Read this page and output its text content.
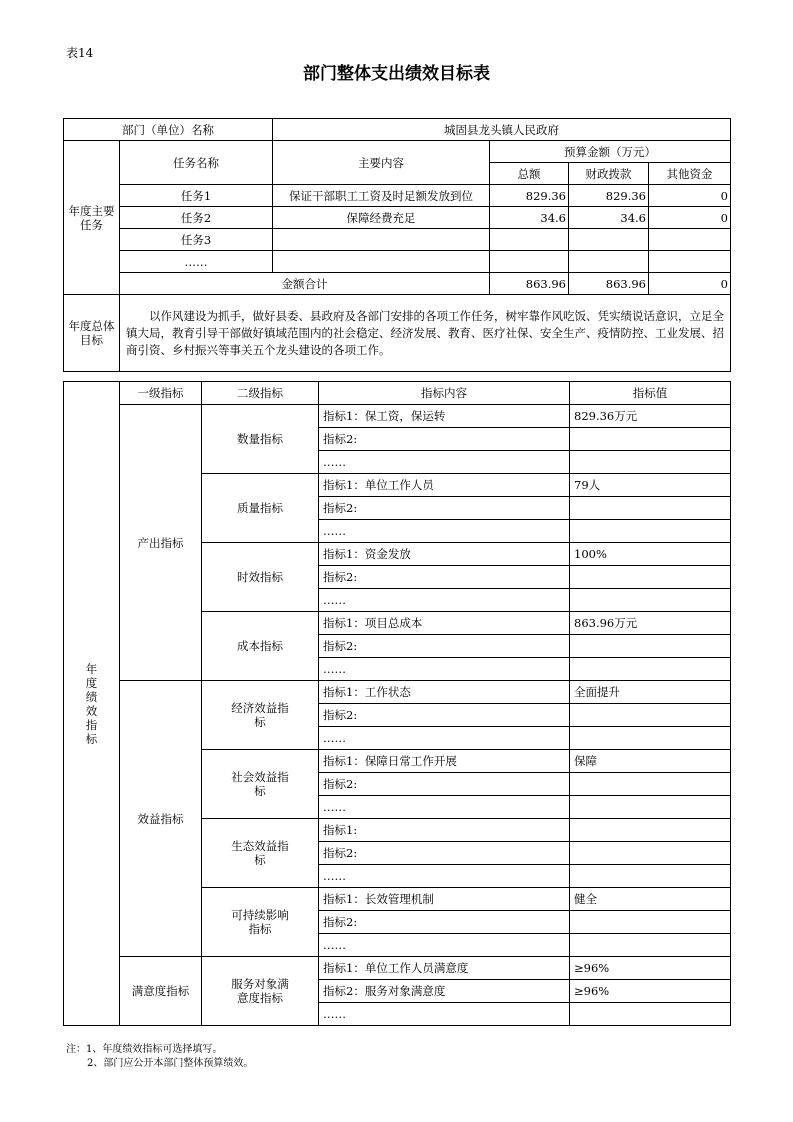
表14
部门整体支出绩效目标表
部门（单位）名称		城固县龙头镇人民政府			
年度主要任务	任务名称	主要内容	预算金额（万元）		
			总额	财政拨款	其他资金
	任务1	保证干部职工工资及时足额发放到位	829.36	829.36	0
	任务2	保障经费充足	34.6	34.6	0
	任务3				
	……				
	金额合计		863.96	863.96	0
年度总体目标	以作风建设为抓手，做好县委、县政府及各部门安排的各项工作任务，树牢靠作风吃饭、凭实绩说话意识，立足全镇大局，教育引导干部做好镇域范围内的社会稳定、经济发展、教育、医疗社保、安全生产、疫情防控、工业发展、招商引资、乡村振兴等事关五个龙头建设的各项工作。				
年度绩效指标	一级指标	二级指标	指标内容	指标值
	产出指标	数量指标	指标1：保工资，保运转	829.36万元
			指标2:	
			……	
		质量指标	指标1：单位工作人员	79人
			指标2:	
			……	
		时效指标	指标1：资金发放	100%
			指标2:	
			……	
		成本指标	指标1：项目总成本	863.96万元
			指标2:	
			……	
	效益指标	经济效益指标	指标1：工作状态	全面提升
			指标2:	
			……	
		社会效益指标	指标1：保障日常工作开展	保障
			指标2:	
			……	
		生态效益指标	指标1:	
			指标2:	
			……	
		可持续影响指标	指标1：长效管理机制	健全
			指标2:	
			……	
	满意度指标	服务对象满意度指标	指标1：单位工作人员满意度	≥96%
			指标2：服务对象满意度	≥96%
			……	
注：1、年度绩效指标可选择填写。
2、部门应公开本部门整体预算绩效。
